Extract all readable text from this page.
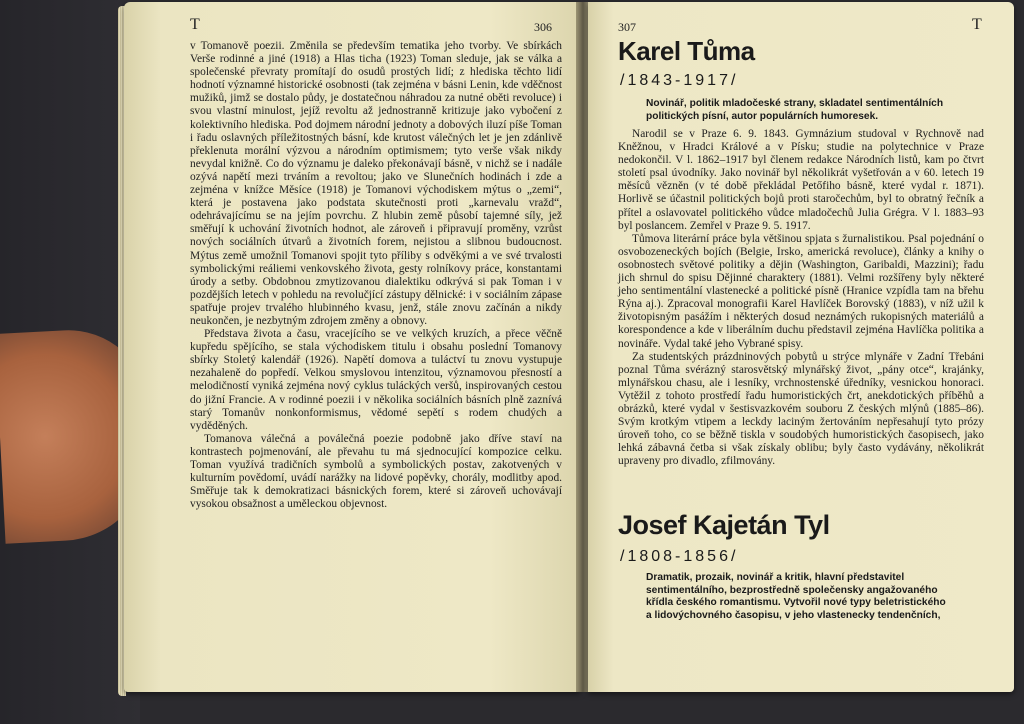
T	306

v Tomanově poezii. Změnila se především tematika jeho tvorby. Ve sbírkách Verše rodinné a jiné (1918) a Hlas ticha (1923) Toman sleduje, jak se válka a společenské převraty promítají do osudů prostých lidí; z hlediska těchto lidí hodnotí významné historické osobnosti (tak zejména v básni Lenin, kde vděčnost mužiků, jimž se dostalo půdy, je dostatečnou náhradou za nutné oběti revoluce) i svou vlastní minulost, jejíž revoltu až jednostranně kritizuje jako vybočení z kolektivního hlediska. Pod dojmem národní jednoty a dobových iluzí píše Toman i řadu oslavných příležitostných básní, kde krutost válečných let je jen zdánlivě překlenuta morální výzvou a národním optimismem; tyto verše však nikdy nevydal knižně. Co do významu je daleko překonávají básně, v nichž se i nadále ozývá napětí mezi trváním a revoltou; jako ve Slunečních hodinách i zde a zejména v knížce Měsíce (1918) je Tomanovi východiskem mýtus o „zemi“, která je postavena jako podstata skutečnosti proti „karnevalu vražd“, odehrávajícímu se na jejím povrchu. Z hlubin země působí tajemné síly, jež směřují k uchování životních hodnot, ale zároveň i připravují proměny, vzrůst nových sociálních útvarů a životních forem, nejistou a slibnou budoucnost. Mýtus země umožnil Tomanovi spojit tyto příliby s odvěkými a ve své trvalosti symbolickými reáliemi venkovského života, gesty rolníkovy práce, konstantami úrody a setby. Obdobnou zmytizovanou dialektiku odkrývá si pak Toman i v pozdějších letech v pohledu na revolučjící zástupy dělnické: i v sociálním zápase spatřuje projev trvalého hlubinného kvasu, jenž, stále znovu začínán a nikdy neukončen, je nezbytným zdrojem změny a obnovy.

Představa života a času, vracejícího se ve velkých kruzích, a přece věčně kupředu spějícího, se stala východiskem titulu i obsahu poslední Tomanovy sbírky Stoletý kalendář (1926). Napětí domova a tuláctví tu znovu vystupuje nezahaleně do popředí. Velkou smyslovou intenzitou, významovou přesností a melodičností vyniká zejména nový cyklus tuláckých veršů, inspirovaných cestou do jižní Francie. A v rodinné poezii i v několika sociálních básních plně zaznívá starý Tomanův nonkonformismus, vědomé sepětí s rodem chudých a vyděděných.

Tomanova válečná a poválečná poezie podobně jako dříve staví na kontrastech pojmenování, ale převahu tu má sjednocující kompozice celku. Toman využívá tradičních symbolů a symbolických postav, zakotvených v kulturním povědomí, uvádí narážky na lidové popěvky, chorály, modlitby apod. Směřuje tak k demokratizaci básnických forem, které si zároveň uchovávají vysokou obsažnost a uměleckou objevnost.

307	T
Karel Tůma
/1843-1917/
Novinář, politik mladočeské strany, skladatel sentimentálních politických písní, autor populárních humoresek.

Narodil se v Praze 6. 9. 1843. Gymnázium studoval v Rychnově nad Kněžnou, v Hradci Králové a v Písku; studie na polytechnice v Praze nedokončil. V l. 1862–1917 byl členem redakce Národních listů, kam po čtvrt století psal úvodníky. Jako novinář byl několikrát vyšetřován a v 60. letech 19 měsíců vězněn (v té době překládal Petőfiho básně, které vydal r. 1871). Horlivě se účastnil politických bojů proti staročechům, byl to obratný řečník a přítel a oslavovatel politického vůdce mladočechů Julia Grégra. V l. 1883–93 byl poslancem. Zemřel v Praze 9. 5. 1917.

Tůmova literární práce byla většinou spjata s žurnalistikou. Psal pojednání o osvobozeneckých bojích (Belgie, Irsko, americká revoluce), články a knihy o osobnostech světové politiky a dějin (Washington, Garibaldi, Mazzini); řadu jich shrnul do spisu Dějinné charaktery (1881). Velmi rozšířeny byly některé jeho sentimentální vlastenecké a politické písně (Hranice vzpídla tam na břehu Rýna aj.). Zpracoval monografii Karel Havlíček Borovský (1883), v níž užil k životopisným pasážím i některých dosud neznámých rukopisných materiálů a korespondence a kde v liberálním duchu představil zejména Havlíčka politika a novináře. Vydal také jeho Vybrané spisy.

Za studentských prázdninových pobytů u strýce mlynáře v Zadní Třebáni poznal Tůma svérázný starosvětský mlynářský život, „pány otce“, krajánky, mlynářskou chasu, ale i lesníky, vrchnostenské úředníky, vesnickou honoraci. Vytěžil z tohoto prostředí řadu humoristických črt, anekdotických příběhů a obrázků, které vydal v šestisvazkovém souboru Z českých mlýnů (1885–86). Svým krotkým vtipem a leckdy laciným žertováním nepřesahují tyto prózy úroveň toho, co se běžně tiskla v soudobých humoristických časopisech, jako lehká zábavná četba si však získaly oblibu; byly často vydávány, několikrát upraveny pro divadlo, zfilmovány.

Josef Kajetán Tyl
/1808-1856/
Dramatik, prozaik, novinář a kritik, hlavní představitel sentimentálního, bezprostředně společensky angažovaného křídla českého romantismu. Vytvořil nové typy beletristického a lidovýchovného časopisu, v jeho vlastenecky tendenčních,
